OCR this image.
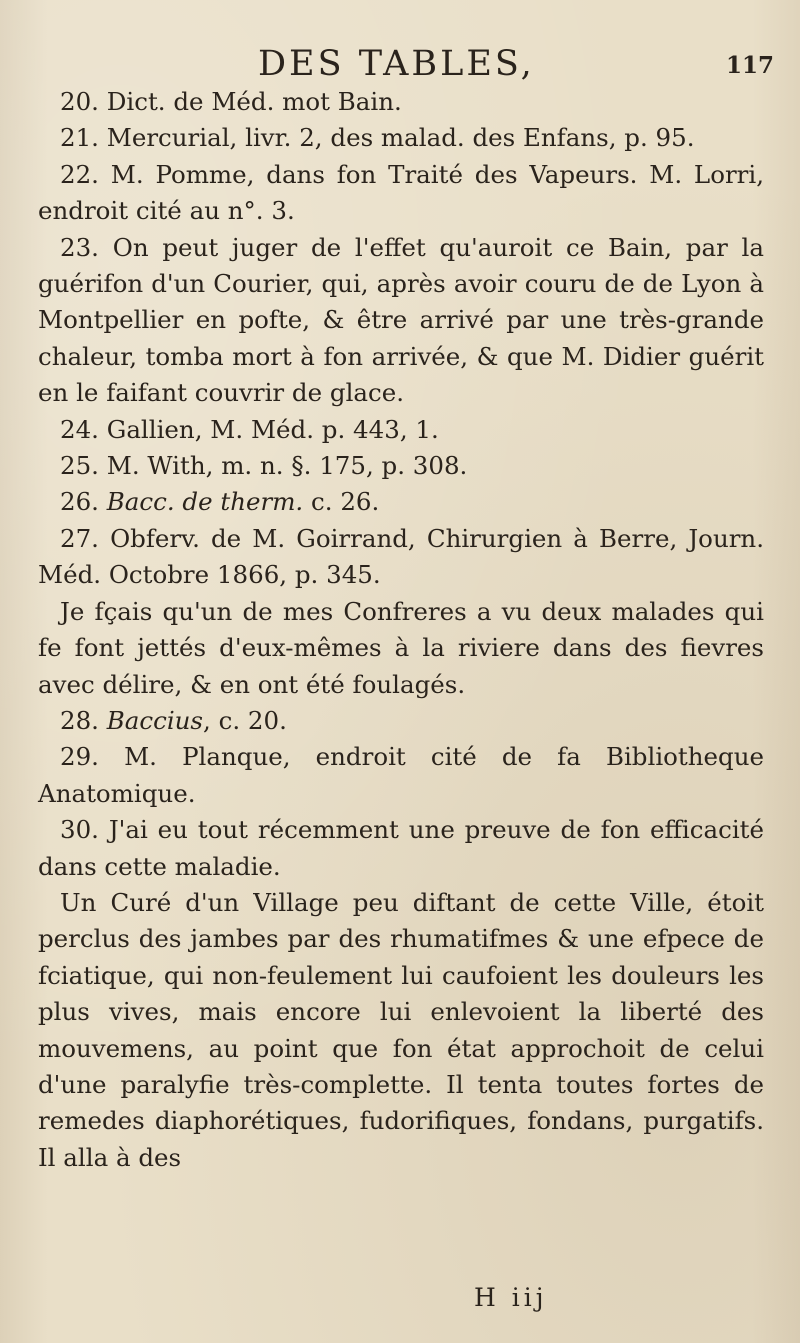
DES TABLES,	117

20. Dict. de Méd. mot Bain.

21. Mercurial, livr. 2, des malad. des Enfans, p. 95.

22. M. Pomme, dans fon Traité des Vapeurs. M. Lorri, endroit cité au n°. 3.

23. On peut juger de l'effet qu'auroit ce Bain, par la guérifon d'un Courier, qui, après avoir couru de de Lyon à Montpellier en pofte, & être arrivé par une très-grande chaleur, tomba mort à fon arrivée, & que M. Didier guérit en le faifant couvrir de glace.

24. Gallien, M. Méd. p. 443, 1.

25. M. With, m. n. §. 175, p. 308.

26. Bacc. de therm. c. 26.

27. Obferv. de M. Goirrand, Chirurgien à Berre, Journ. Méd. Octobre 1866, p. 345.

Je fçais qu'un de mes Confreres a vu deux malades qui fe font jettés d'eux-mêmes à la riviere dans des fievres avec délire, & en ont été foulagés.

28. Baccius, c. 20.

29. M. Planque, endroit cité de fa Bibliotheque Anatomique.

30. J'ai eu tout récemment une preuve de fon efficacité dans cette maladie.

Un Curé d'un Village peu diftant de cette Ville, étoit perclus des jambes par des rhumatifmes & une efpece de fciatique, qui non-feulement lui caufoient les douleurs les plus vives, mais encore lui enlevoient la liberté des mouvemens, au point que fon état approchoit de celui d'une paralyfie très-complette. Il tenta toutes fortes de remedes diaphorétiques, fudorifiques, fondans, purgatifs. Il alla à des

H iij
